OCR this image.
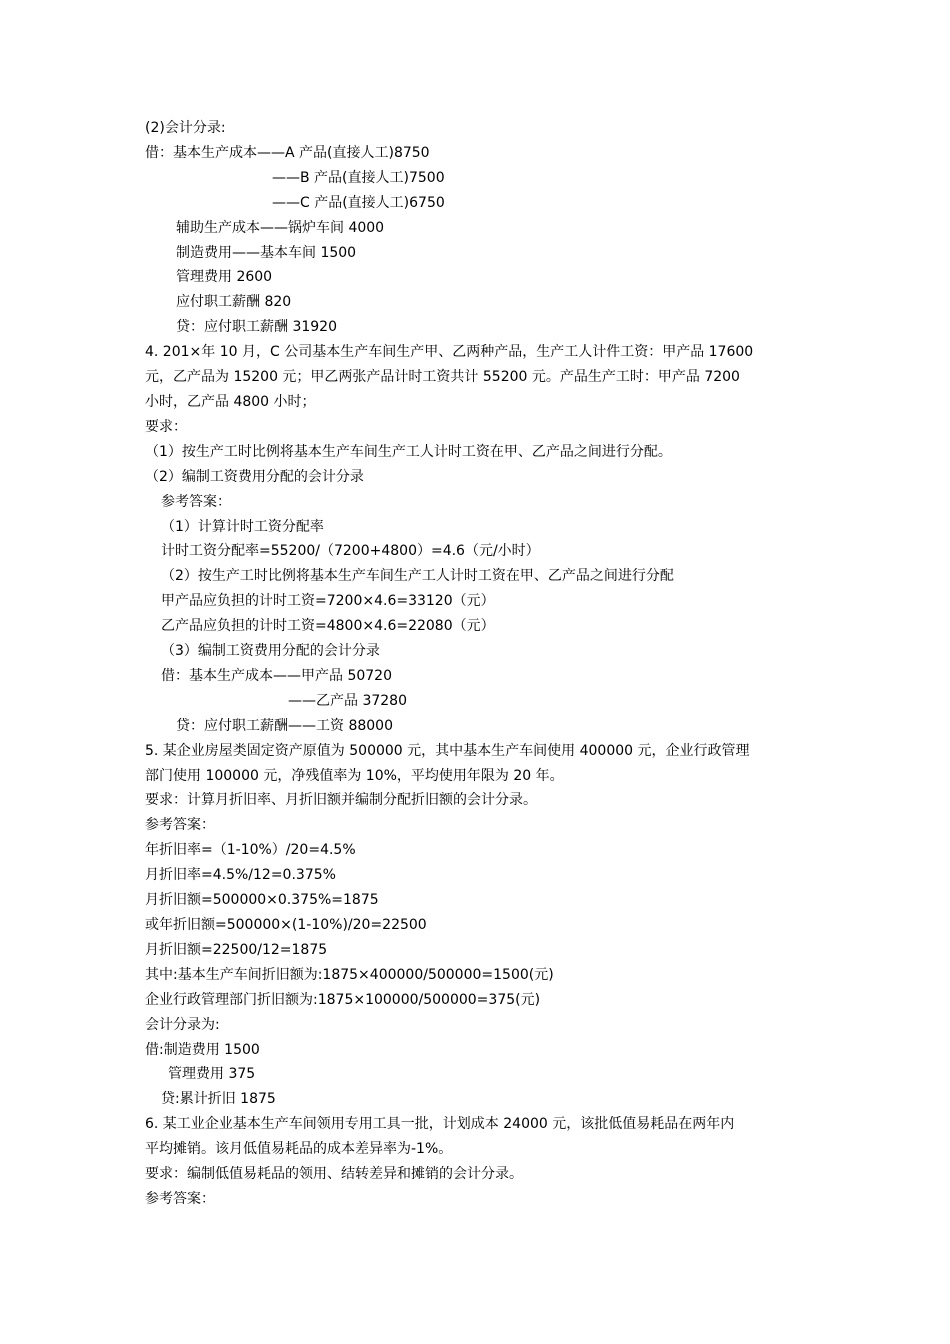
(2)会计分录:

借：基本生产成本——A 产品(直接人工)8750

——B 产品(直接人工)7500

——C 产品(直接人工)6750

辅助生产成本——锅炉车间 4000

制造费用——基本车间 1500

管理费用 2600

应付职工薪酬 820

贷：应付职工薪酬 31920

4. 201×年 10 月，C 公司基本生产车间生产甲、乙两种产品，生产工人计件工资：甲产品 17600

元，乙产品为 15200 元；甲乙两张产品计时工资共计 55200 元。产品生产工时：甲产品 7200

小时，乙产品 4800 小时；

要求：

（1）按生产工时比例将基本生产车间生产工人计时工资在甲、乙产品之间进行分配。

（2）编制工资费用分配的会计分录

参考答案：

（1）计算计时工资分配率

计时工资分配率=55200/（7200+4800）=4.6（元/小时）

（2）按生产工时比例将基本生产车间生产工人计时工资在甲、乙产品之间进行分配

甲产品应负担的计时工资=7200×4.6=33120（元）

乙产品应负担的计时工资=4800×4.6=22080（元）

（3）编制工资费用分配的会计分录

借：基本生产成本——甲产品 50720

——乙产品 37280

贷：应付职工薪酬——工资 88000

5. 某企业房屋类固定资产原值为 500000 元，其中基本生产车间使用 400000 元，企业行政管理

部门使用 100000 元，净残值率为 10%，平均使用年限为 20 年。

要求：计算月折旧率、月折旧额并编制分配折旧额的会计分录。

参考答案：

年折旧率=（1-10%）/20=4.5%

月折旧率=4.5%/12=0.375%

月折旧额=500000×0.375%=1875

或年折旧额=500000×(1-10%)/20=22500

月折旧额=22500/12=1875

其中:基本生产车间折旧额为:1875×400000/500000=1500(元)

企业行政管理部门折旧额为:1875×100000/500000=375(元)

会计分录为:

借:制造费用 1500

管理费用 375

贷:累计折旧 1875

6. 某工业企业基本生产车间领用专用工具一批，计划成本 24000 元，该批低值易耗品在两年内

平均摊销。该月低值易耗品的成本差异率为-1%。

要求：编制低值易耗品的领用、结转差异和摊销的会计分录。

参考答案：
